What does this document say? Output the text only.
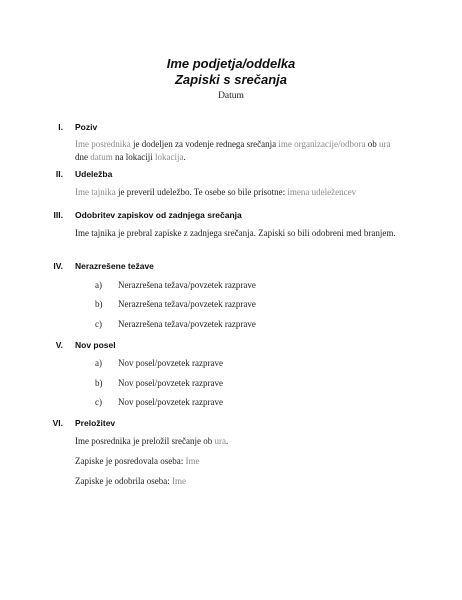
Ime podjetja/oddelka
Zapiski s srečanja
Datum
I. Poziv
Ime posrednika je dodeljen za vodenje rednega srečanja ime organizacije/odbora ob ura dne datum na lokaciji lokacija.
II. Udeležba
Ime tajnika je preveril udeležbo. Te osebe so bile prisotne: imena udeležencev
III. Odobritev zapiskov od zadnjega srečanja
Ime tajnika je prebral zapiske z zadnjega srečanja. Zapiski so bili odobreni med branjem.
IV. Nerazrešene težave
a) Nerazrešena težava/povzetek razprave
b) Nerazrešena težava/povzetek razprave
c) Nerazrešena težava/povzetek razprave
V. Nov posel
a) Nov posel/povzetek razprave
b) Nov posel/povzetek razprave
c) Nov posel/povzetek razprave
VI. Preložitev
Ime posrednika je preložil srečanje ob ura.
Zapiske je posredovala oseba: Ime
Zapiske je odobrila oseba: Ime
